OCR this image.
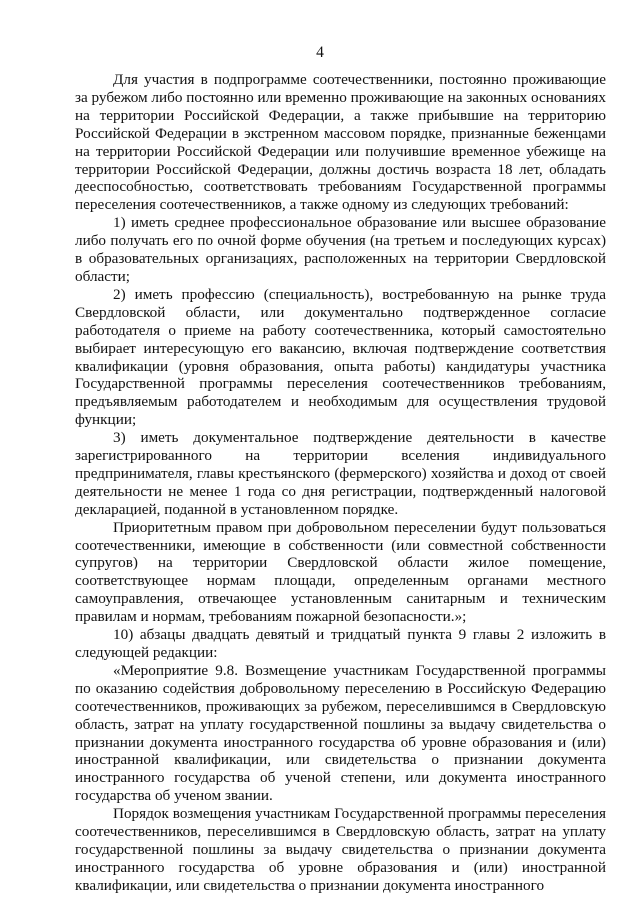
4

Для участия в подпрограмме соотечественники, постоянно проживающие за рубежом либо постоянно или временно проживающие на законных основаниях на территории Российской Федерации, а также прибывшие на территорию Российской Федерации в экстренном массовом порядке, признанные беженцами на территории Российской Федерации или получившие временное убежище на территории Российской Федерации, должны достичь возраста 18 лет, обладать дееспособностью, соответствовать требованиям Государственной программы переселения соотечественников, а также одному из следующих требований:

1) иметь среднее профессиональное образование или высшее образование либо получать его по очной форме обучения (на третьем и последующих курсах) в образовательных организациях, расположенных на территории Свердловской области;

2) иметь профессию (специальность), востребованную на рынке труда Свердловской области, или документально подтвержденное согласие работодателя о приеме на работу соотечественника, который самостоятельно выбирает интересующую его вакансию, включая подтверждение соответствия квалификации (уровня образования, опыта работы) кандидатуры участника Государственной программы переселения соотечественников требованиям, предъявляемым работодателем и необходимым для осуществления трудовой функции;

3) иметь документальное подтверждение деятельности в качестве зарегистрированного на территории вселения индивидуального предпринимателя, главы крестьянского (фермерского) хозяйства и доход от своей деятельности не менее 1 года со дня регистрации, подтвержденный налоговой декларацией, поданной в установленном порядке.

Приоритетным правом при добровольном переселении будут пользоваться соотечественники, имеющие в собственности (или совместной собственности супругов) на территории Свердловской области жилое помещение, соответствующее нормам площади, определенным органами местного самоуправления, отвечающее установленным санитарным и техническим правилам и нормам, требованиям пожарной безопасности.»;

10) абзацы двадцать девятый и тридцатый пункта 9 главы 2 изложить в следующей редакции:

«Мероприятие 9.8. Возмещение участникам Государственной программы по оказанию содействия добровольному переселению в Российскую Федерацию соотечественников, проживающих за рубежом, переселившимся в Свердловскую область, затрат на уплату государственной пошлины за выдачу свидетельства о признании документа иностранного государства об уровне образования и (или) иностранной квалификации, или свидетельства о признании документа иностранного государства об ученой степени, или документа иностранного государства об ученом звании.

Порядок возмещения участникам Государственной программы переселения соотечественников, переселившимся в Свердловскую область, затрат на уплату государственной пошлины за выдачу свидетельства о признании документа иностранного государства об уровне образования и (или) иностранной квалификации, или свидетельства о признании документа иностранного
